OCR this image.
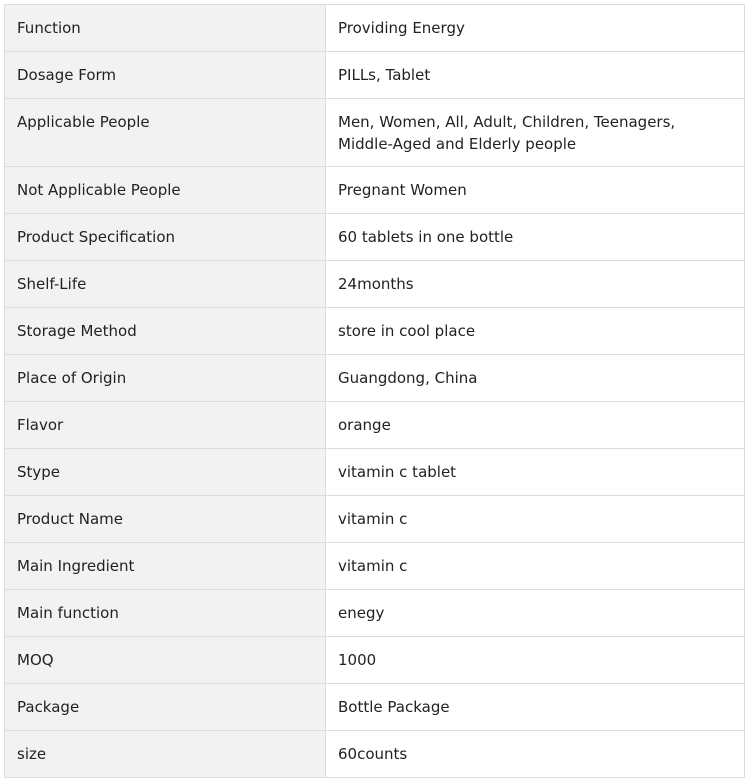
Function	Providing Energy
Dosage Form	PILLs, Tablet
Applicable People	Men, Women, All, Adult, Children, Teenagers, Middle-Aged and Elderly people
Not Applicable People	Pregnant Women
Product Specification	60 tablets in one bottle
Shelf-Life	24months
Storage Method	store in cool place
Place of Origin	Guangdong, China
Flavor	orange
Stype	vitamin c tablet
Product Name	vitamin c
Main Ingredient	vitamin c
Main function	enegy
MOQ	1000
Package	Bottle Package
size	60counts
